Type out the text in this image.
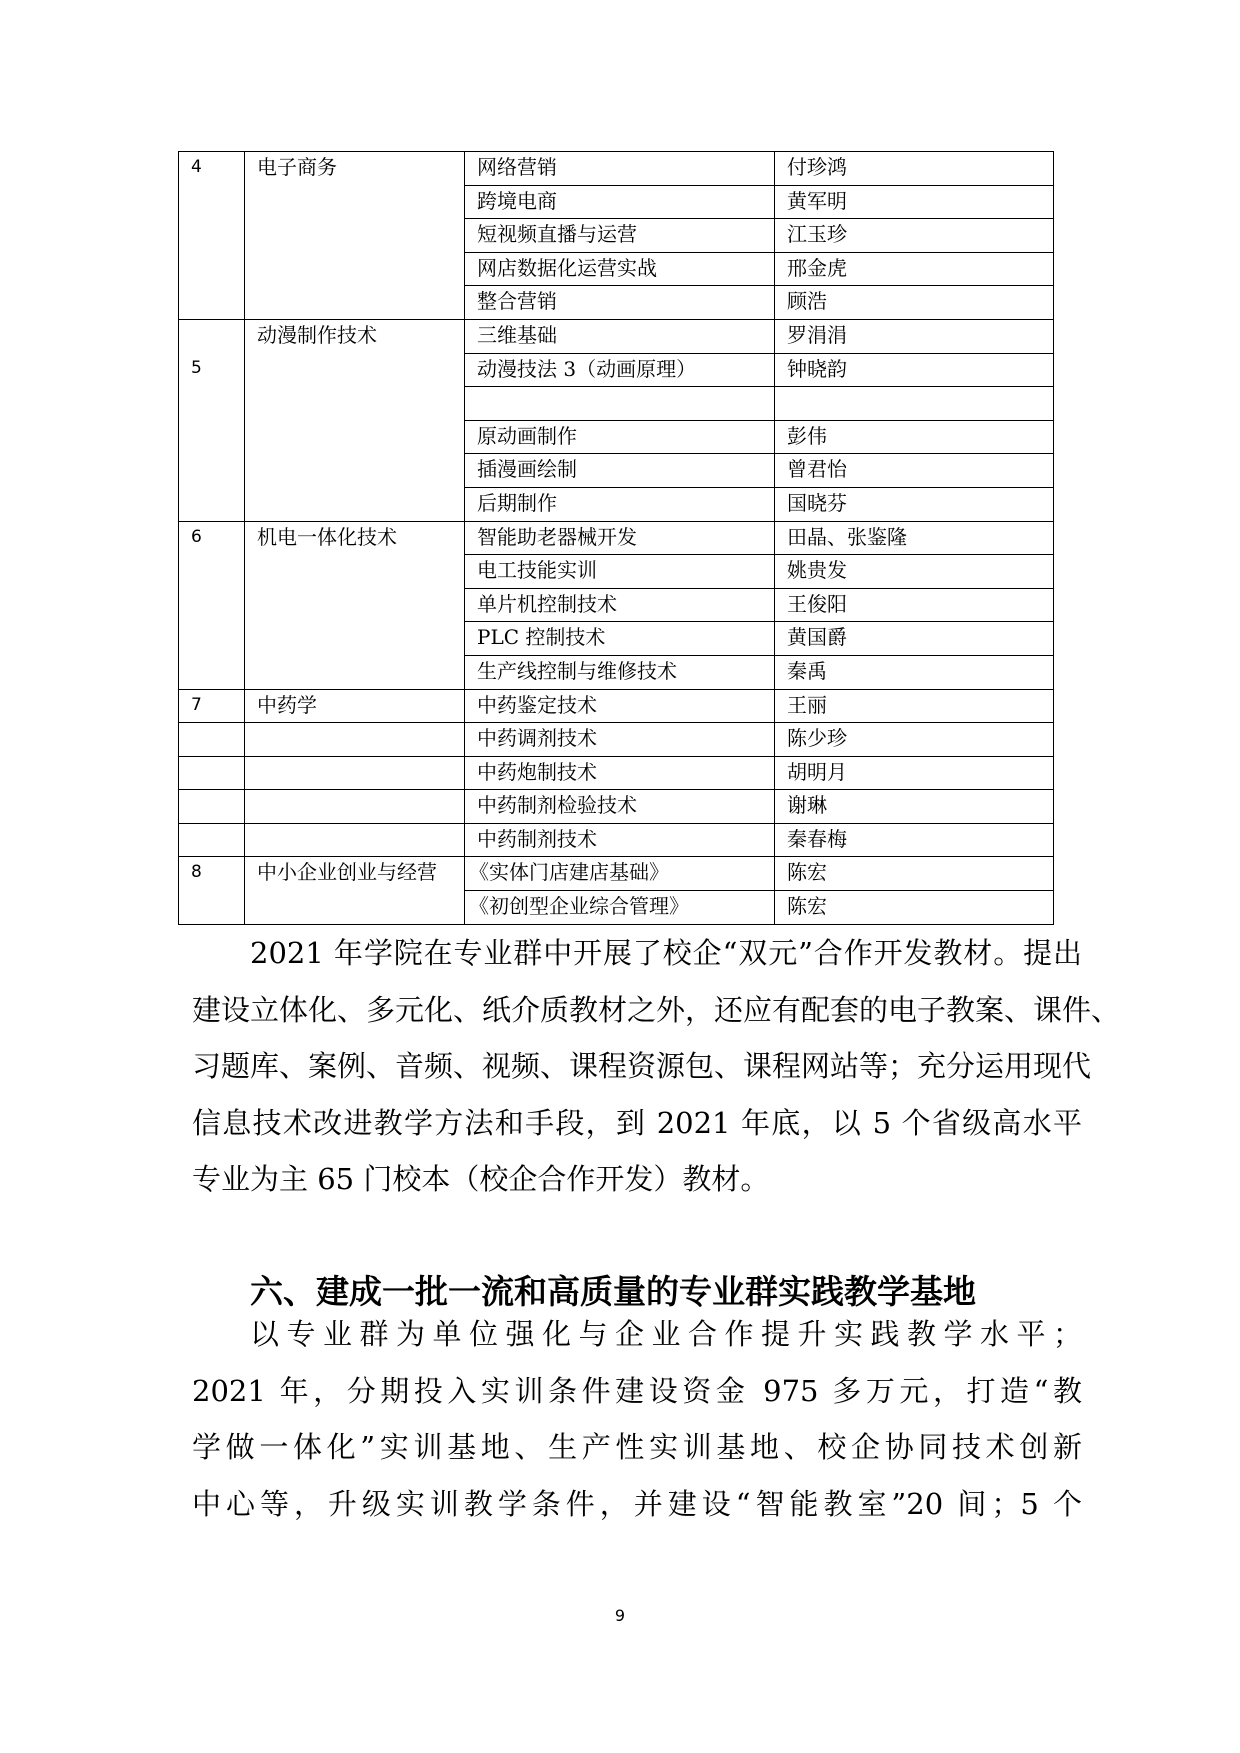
4	电子商务	网络营销	付珍鸿
		跨境电商	黄军明
		短视频直播与运营	江玉珍
		网店数据化运营实战	邢金虎
		整合营销	顾浩
	动漫制作技术	三维基础	罗涓涓
5		动漫技法 3（动画原理）	钟晓韵

		原动画制作	彭伟
		插漫画绘制	曾君怡
		后期制作	国晓芬
6	机电一体化技术	智能助老器械开发	田晶、张鉴隆
		电工技能实训	姚贵发
		单片机控制技术	王俊阳
		PLC 控制技术	黄国爵
		生产线控制与维修技术	秦禹
7	中药学	中药鉴定技术	王丽
		中药调剂技术	陈少珍
		中药炮制技术	胡明月
		中药制剂检验技术	谢琳
		中药制剂技术	秦春梅
8	中小企业创业与经营	《实体门店建店基础》	陈宏
		《初创型企业综合管理》	陈宏
2021 年学院在专业群中开展了校企“双元”合作开发教材。提出
建设立体化、多元化、纸介质教材之外，还应有配套的电子教案、课件、
习题库、案例、音频、视频、课程资源包、课程网站等；充分运用现代
信息技术改进教学方法和手段，到 2021 年底，以 5 个省级高水平
专业为主 65 门校本（校企合作开发）教材。
六、建成一批一流和高质量的专业群实践教学基地
以专业群为单位强化与企业合作提升实践教学水平；
2021 年，分期投入实训条件建设资金 975 多万元，打造“教
学做一体化”实训基地、生产性实训基地、校企协同技术创新
中心等，升级实训教学条件，并建设“智能教室”20 间；5 个
9
